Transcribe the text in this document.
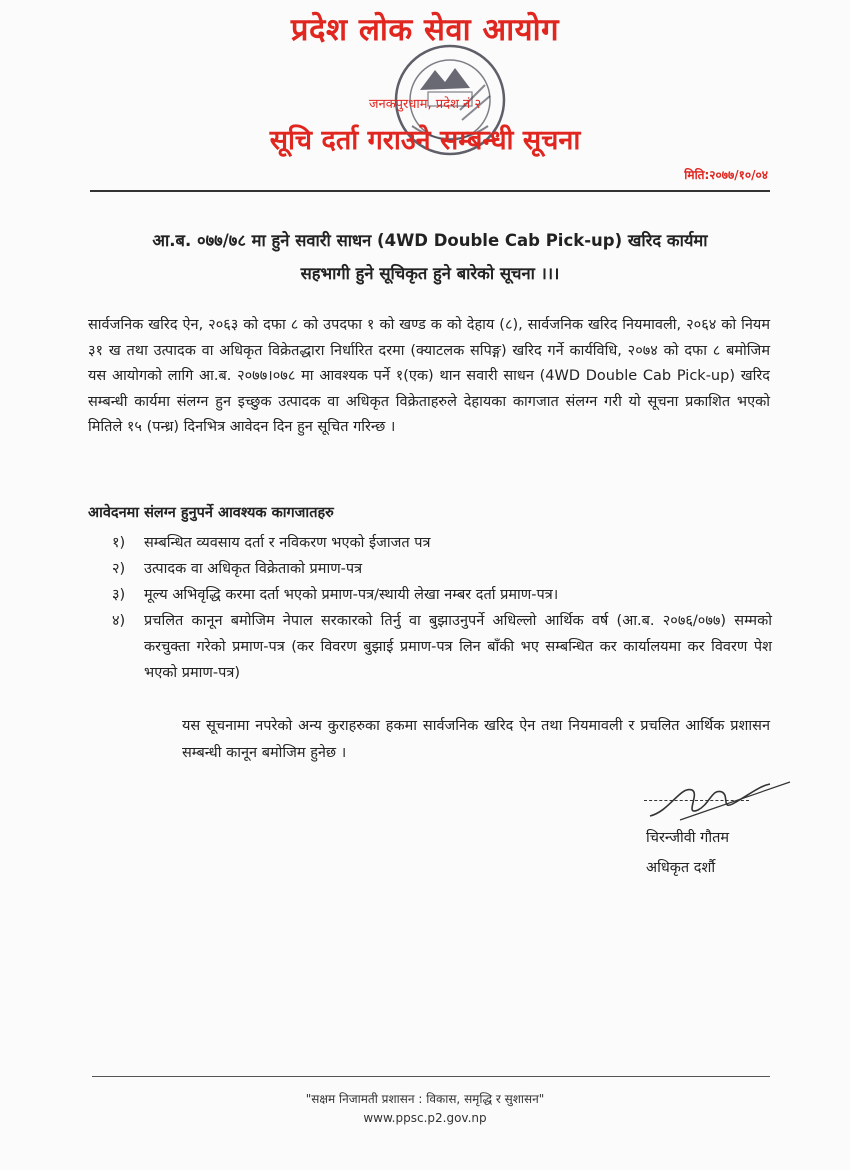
प्रदेश लोक सेवा आयोग
जनकपुरधाम, प्रदेश नं २
सूचि दर्ता गराउने सम्बन्धी सूचना
मिति:२०७७/१०/०४
आ.ब. ०७७/७८ मा हुने सवारी साधन (4WD Double Cab Pick-up) खरिद कार्यमा
सहभागी हुने सूचिकृत हुने बारेको सूचना ।।।
सार्वजनिक खरिद ऐन, २०६३ को दफा ८ को उपदफा १ को खण्ड क को देहाय (८), सार्वजनिक खरिद नियमावली, २०६४ को नियम ३१ ख तथा उत्पादक वा अधिकृत विक्रेतद्धारा निर्धारित दरमा (क्याटलक सपिङ्ग) खरिद गर्ने कार्यविधि, २०७४ को दफा ८ बमोजिम यस आयोगको लागि आ.ब. २०७७।०७८ मा आवश्यक पर्ने १(एक) थान सवारी साधन (4WD Double Cab Pick-up) खरिद सम्बन्धी कार्यमा संलग्न हुन इच्छुक उत्पादक वा अधिकृत विक्रेताहरुले देहायका कागजात संलग्न गरी यो सूचना प्रकाशित भएको मितिले १५ (पन्ध्र) दिनभित्र आवेदन दिन हुन सूचित गरिन्छ ।
आवेदनमा संलग्न हुनुपर्ने आवश्यक कागजातहरु
१)	सम्बन्धित व्यवसाय दर्ता र नविकरण भएको ईजाजत पत्र
२)	उत्पादक वा अधिकृत विक्रेताको प्रमाण-पत्र
३)	मूल्य अभिवृद्धि करमा दर्ता भएको प्रमाण-पत्र/स्थायी लेखा नम्बर दर्ता प्रमाण-पत्र।
४)	प्रचलित कानून बमोजिम नेपाल सरकारको तिर्नु वा बुझाउनुपर्ने अधिल्लो आर्थिक वर्ष (आ.ब. २०७६/०७७) सम्मको करचुक्ता गरेको प्रमाण-पत्र (कर विवरण बुझाई प्रमाण-पत्र लिन बाँकी भए सम्बन्धित कर कार्यालयमा कर विवरण पेश भएको प्रमाण-पत्र)
यस सूचनामा नपरेको अन्य कुराहरुका हकमा सार्वजनिक खरिद ऐन तथा नियमावली र प्रचलित आर्थिक प्रशासन सम्बन्धी कानून बमोजिम हुनेछ ।
चिरन्जीवी गौतम
अधिकृत दर्शौ
"सक्षम निजामती प्रशासन : विकास, समृद्धि र सुशासन"
www.ppsc.p2.gov.np
